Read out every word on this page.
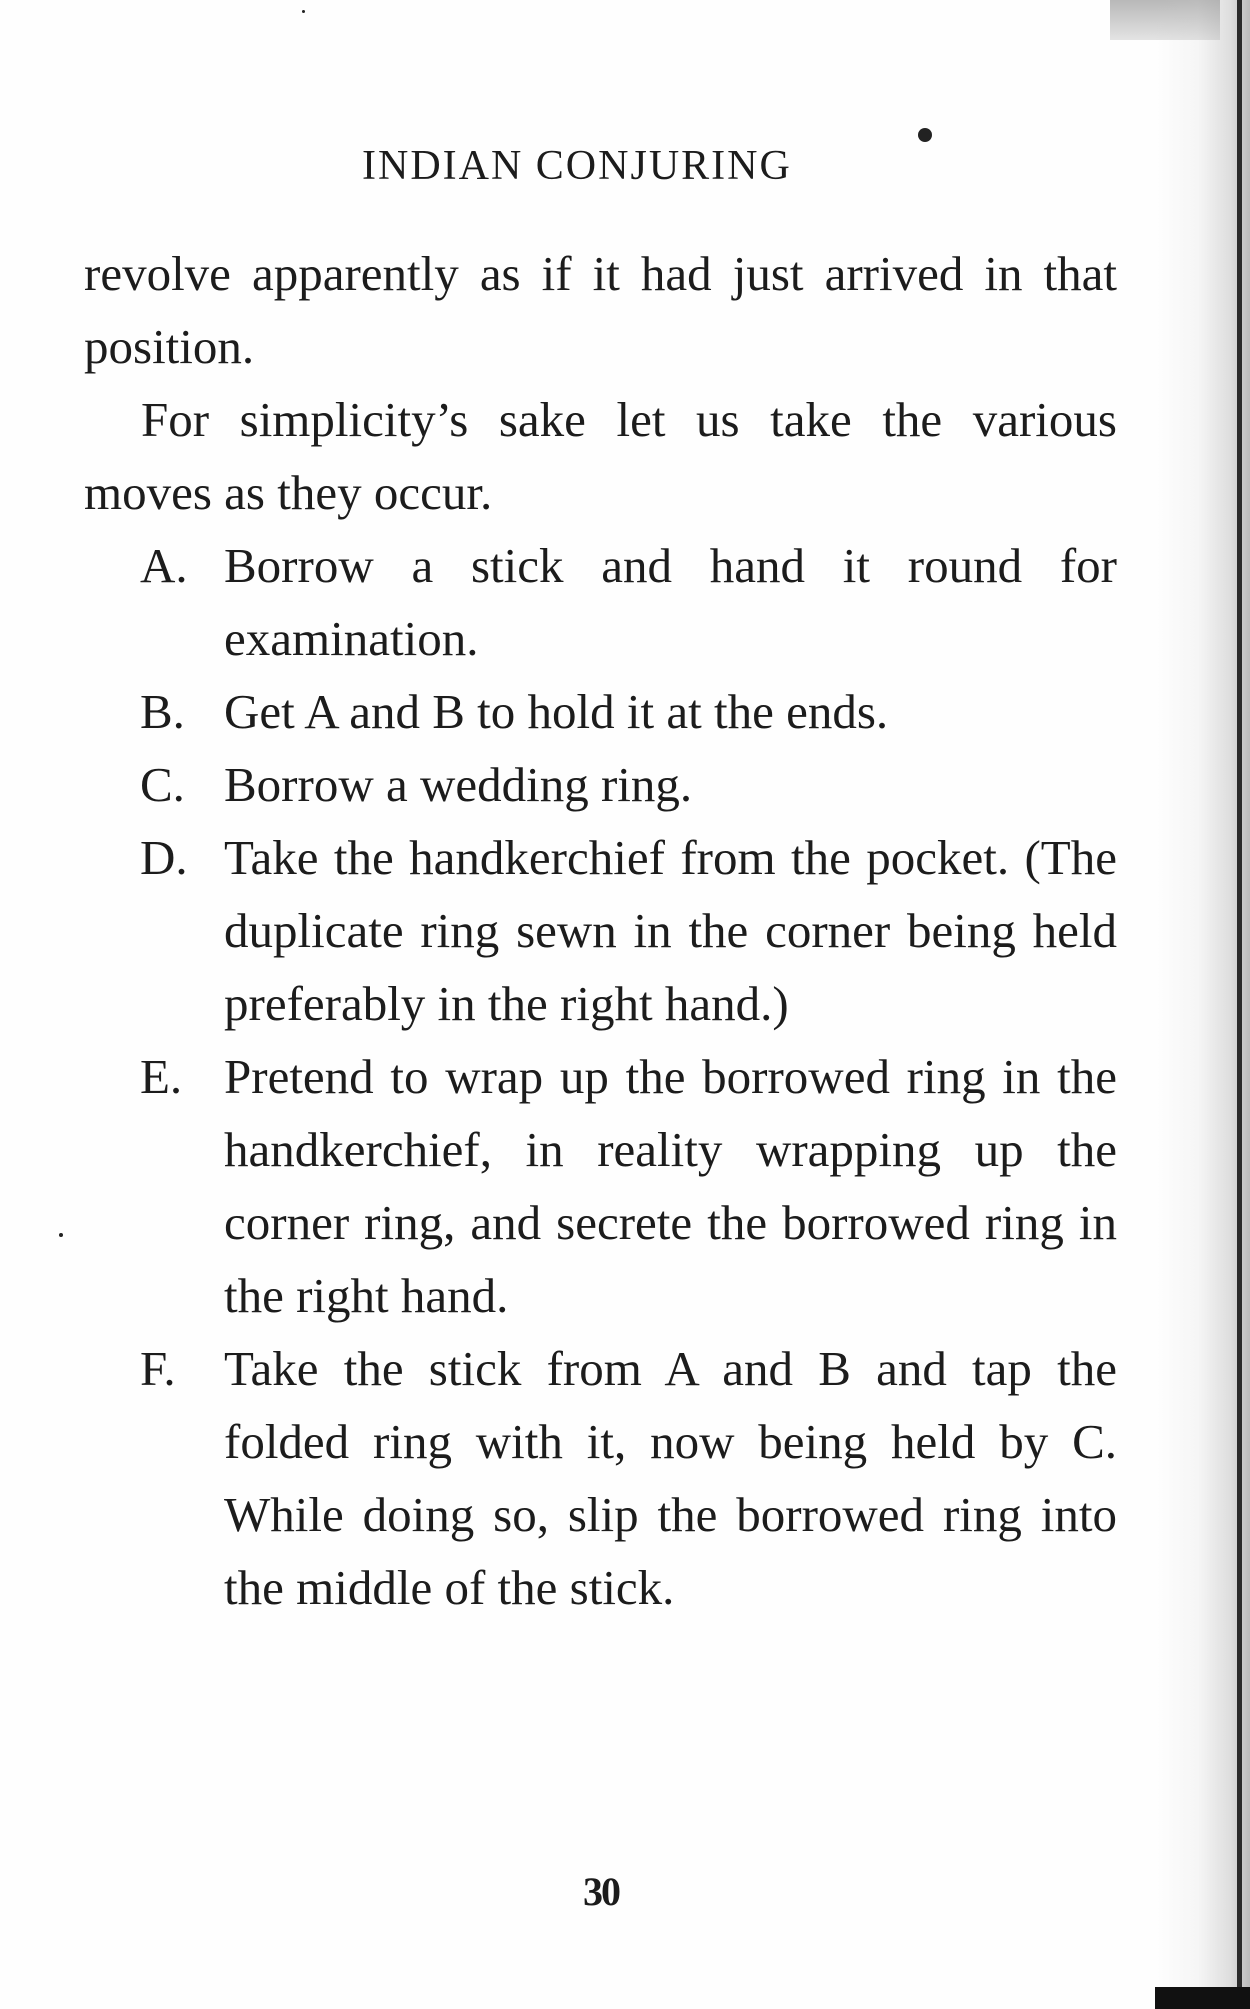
INDIAN CONJURING

revolve apparently as if it had just arrived in that position.

For simplicity’s sake let us take the various moves as they occur.

A. Borrow a stick and hand it round for examination.
B. Get A and B to hold it at the ends.
C. Borrow a wedding ring.
D. Take the handkerchief from the pocket. (The duplicate ring sewn in the corner being held preferably in the right hand.)
E. Pretend to wrap up the borrowed ring in the handkerchief, in reality wrapping up the corner ring, and secrete the borrowed ring in the right hand.
F. Take the stick from A and B and tap the folded ring with it, now being held by C. While doing so, slip the borrowed ring into the middle of the stick.
30
